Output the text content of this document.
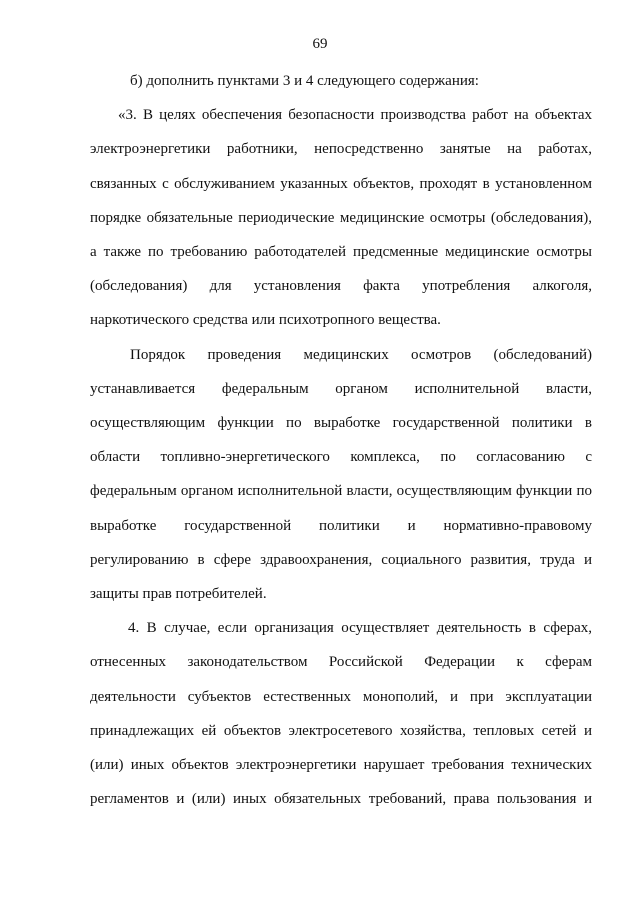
69
б) дополнить пунктами 3 и 4 следующего содержания:
«3. В целях обеспечения безопасности производства работ на объектах
электроэнергетики работники, непосредственно занятые на работах,
связанных с обслуживанием указанных объектов, проходят в установленном
порядке обязательные периодические медицинские осмотры (обследования),
а также по требованию работодателей предсменные медицинские осмотры
(обследования) для установления факта употребления алкоголя,
наркотического средства или психотропного вещества.
Порядок проведения медицинских осмотров (обследований)
устанавливается федеральным органом исполнительной власти,
осуществляющим функции по выработке государственной политики в
области топливно-энергетического комплекса, по согласованию с
федеральным органом исполнительной власти, осуществляющим функции по
выработке государственной политики и нормативно-правовому
регулированию в сфере здравоохранения, социального развития, труда и
защиты прав потребителей.
4. В случае, если организация осуществляет деятельность в сферах,
отнесенных законодательством Российской Федерации к сферам
деятельности субъектов естественных монополий, и при эксплуатации
принадлежащих ей объектов электросетевого хозяйства, тепловых сетей и
(или) иных объектов электроэнергетики нарушает требования технических
регламентов и (или) иных обязательных требований, права пользования и
